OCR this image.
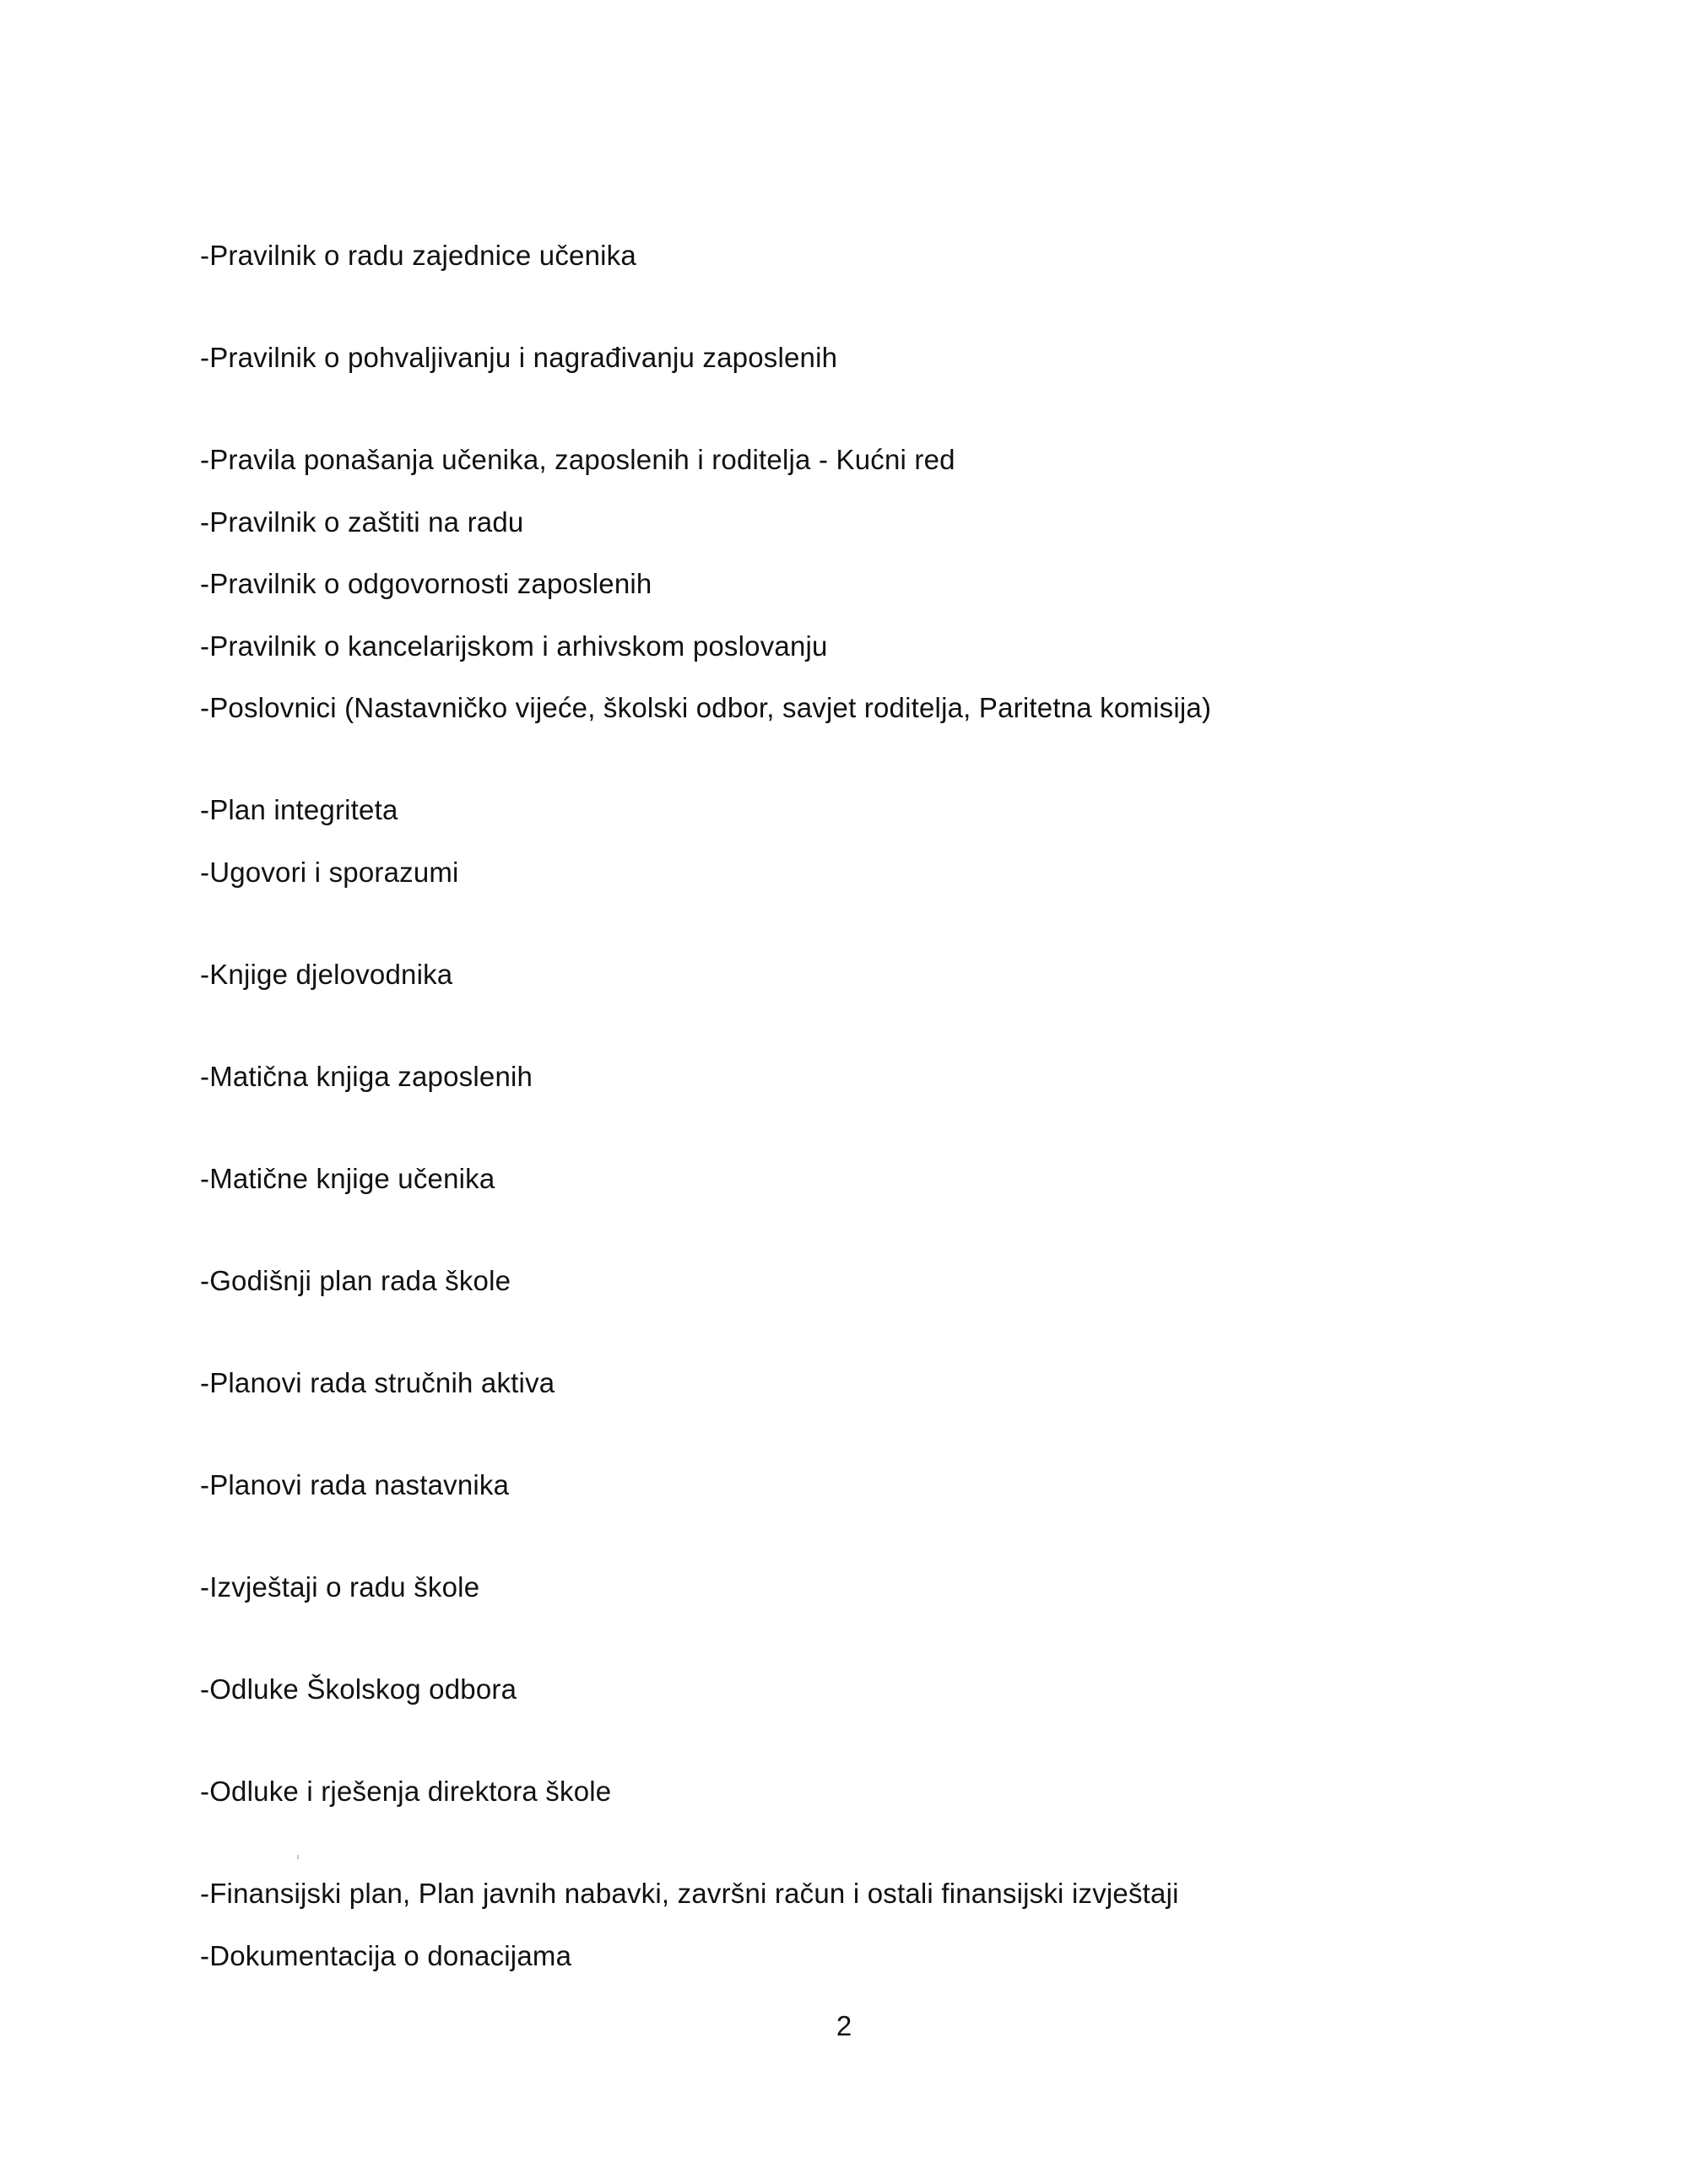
-Pravilnik o radu zajednice učenika
-Pravilnik o pohvaljivanju i nagrađivanju zaposlenih
-Pravila ponašanja učenika, zaposlenih i roditelja - Kućni red
-Pravilnik o zaštiti na radu
-Pravilnik o odgovornosti zaposlenih
-Pravilnik o kancelarijskom i arhivskom poslovanju
-Poslovnici (Nastavničko vijeće, školski odbor, savjet roditelja, Paritetna komisija)
-Plan integriteta
-Ugovori i sporazumi
-Knjige djelovodnika
-Matična knjiga zaposlenih
-Matične knjige učenika
-Godišnji plan rada škole
-Planovi rada stručnih aktiva
-Planovi rada nastavnika
-Izvještaji o radu škole
-Odluke Školskog odbora
-Odluke i rješenja direktora škole
-Finansijski plan, Plan javnih nabavki, završni račun i ostali finansijski izvještaji
-Dokumentacija o donacijama
2
